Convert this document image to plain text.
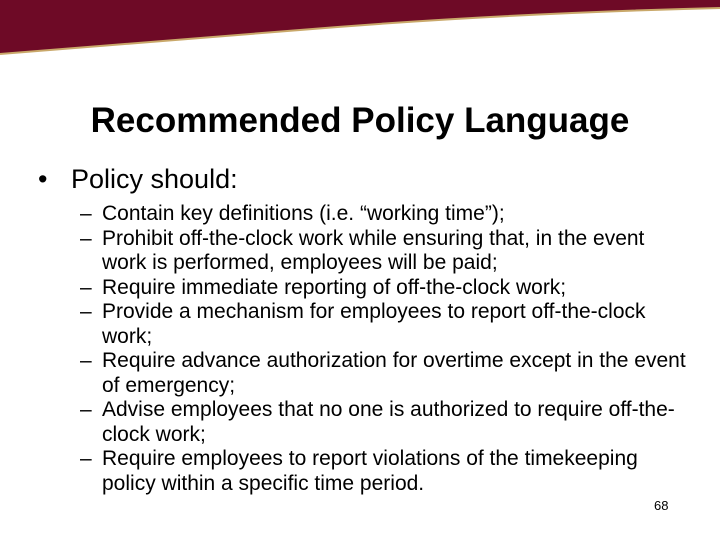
Recommended Policy Language
• Policy should:
– Contain key definitions (i.e. “working time”);
– Prohibit off-the-clock work while ensuring that, in the event work is performed, employees will be paid;
– Require immediate reporting of off-the-clock work;
– Provide a mechanism for employees to report off-the-clock work;
– Require advance authorization for overtime except in the event of emergency;
– Advise employees that no one is authorized to require off-the-clock work;
– Require employees to report violations of the timekeeping policy within a specific time period.
68
